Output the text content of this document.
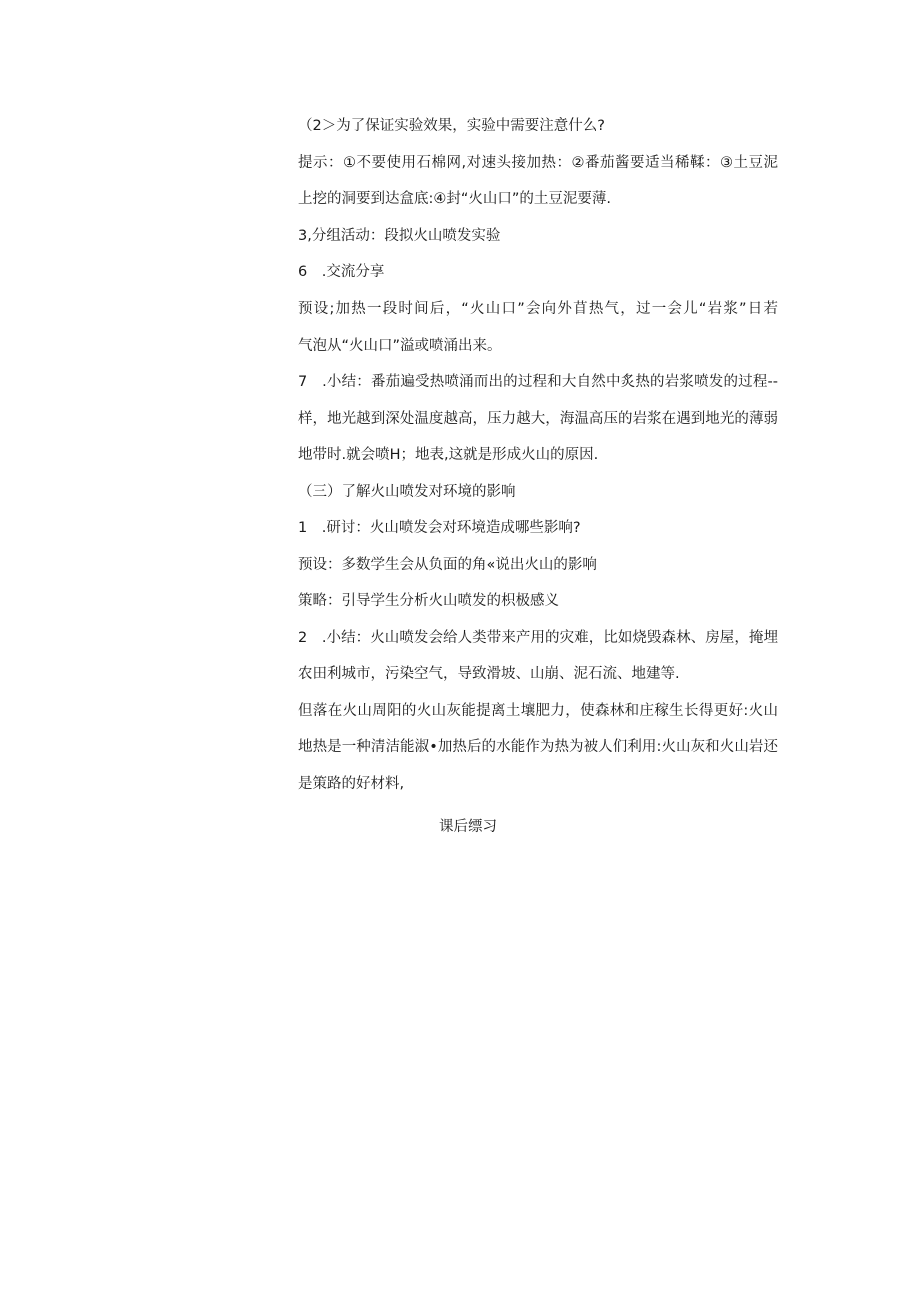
（2＞为了保证实验效果，实验中需要注意什么?
提示：①不要使用石棉网,对速头接加热：②番茄酱要适当稀鞣：③土豆泥
上挖的洞要到达盒底:④封“火山口”的土豆泥要薄.
3,分组活动：段拟火山喷发实验
6　.交流分享
预设;加热一段时间后，“火山口”会向外苜热气，过一会儿“岩浆”日若
气泡从“火山口”溢或喷涌出来。
7　.小结：番茄遍受热喷涌而出的过程和大自然中炙热的岩浆喷发的过程--
样，地光越到深处温度越高，压力越大，海温高压的岩浆在遇到地光的薄弱
地带时.就会喷H；地表,这就是形成火山的原因.
（三）了解火山喷发对环境的影响
1　.研讨：火山喷发会对环境造成哪些影响?
预设：多数学生会从负面的角«说出火山的影响
策略：引导学生分析火山喷发的枳极感义
2　.小结：火山喷发会给人类带来产用的灾难，比如烧毁森林、房屋，掩埋
农田利城市，污染空气，导致滑坡、山崩、泥石流、地建等.
但落在火山周阳的火山灰能提离土壤肥力，使森林和庄稼生长得更好:火山
地热是一种清洁能淑•加热后的水能作为热为被人们利用:火山灰和火山岩还
是策路的好材料,
课后缥习
